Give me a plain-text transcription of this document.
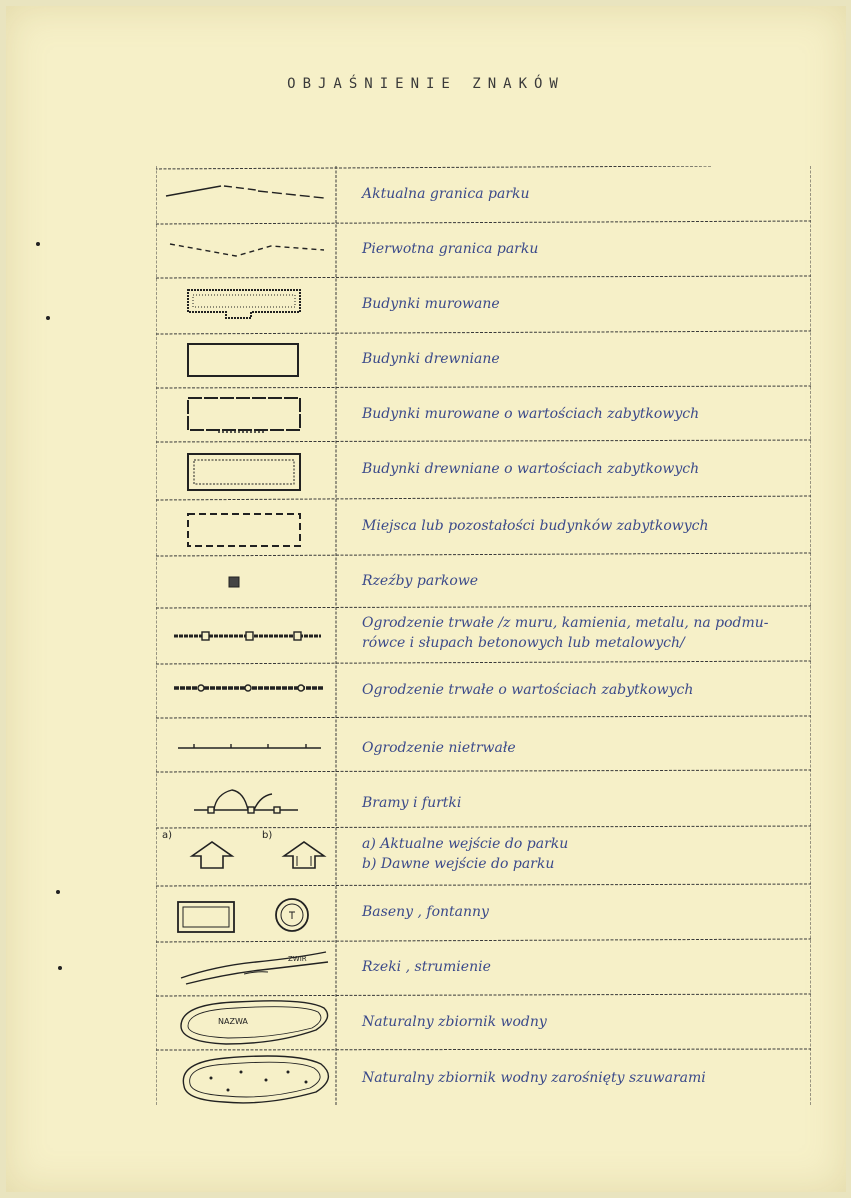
OBJAŚNIENIE ZNAKÓW
Aktualna granica parku
Pierwotna granica parku
Budynki murowane
Budynki drewniane
Budynki murowane o wartościach zabytkowych
Budynki drewniane o wartościach zabytkowych
Miejsca lub pozostałości budynków zabytkowych
Rzeźby parkowe
Ogrodzenie trwałe /z muru, kamienia, metalu, na podmu-
rówce i słupach betonowych lub metalowych/
Ogrodzenie trwałe o wartościach zabytkowych
Ogrodzenie nietrwałe
Bramy i furtki
a) Aktualne wejście do parku
b) Dawne wejście do parku
Baseny , fontanny
Rzeki , strumienie
Naturalny zbiornik wodny
Naturalny zbiornik wodny zarośnięty szuwarami
a)	b)
ZWIR
NAZWA
